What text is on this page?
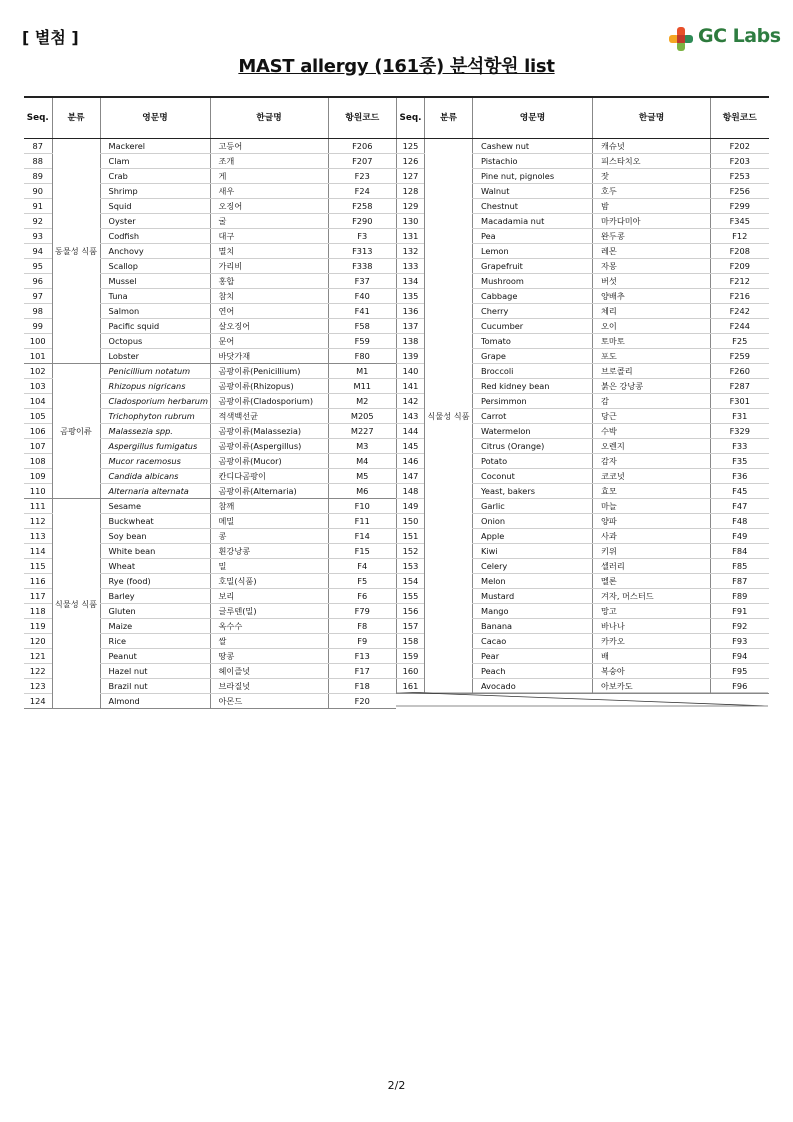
[ 별첨 ]	GC Labs
MAST allergy (161종) 분석항원 list
Seq.	분류	영문명	한글명	항원코드
87	동물성 식품	Mackerel	고등어	F206
88		Clam	조개	F207
89		Crab	게	F23
90		Shrimp	새우	F24
91		Squid	오징어	F258
92		Oyster	굴	F290
93		Codfish	대구	F3
94		Anchovy	멸치	F313
95		Scallop	가리비	F338
96		Mussel	홍합	F37
97		Tuna	참치	F40
98		Salmon	연어	F41
99		Pacific squid	살오징어	F58
100		Octopus	문어	F59
101		Lobster	바닷가재	F80
102	곰팡이류	Penicillium notatum	곰팡이류(Penicillium)	M1
103		Rhizopus nigricans	곰팡이류(Rhizopus)	M11
104		Cladosporium herbarum	곰팡이류(Cladosporium)	M2
105		Trichophyton rubrum	적색백선균	M205
106		Malassezia spp.	곰팡이류(Malassezia)	M227
107		Aspergillus fumigatus	곰팡이류(Aspergillus)	M3
108		Mucor racemosus	곰팡이류(Mucor)	M4
109		Candida albicans	칸디다곰팡이	M5
110		Alternaria alternata	곰팡이류(Alternaria)	M6
111	식물성 식품	Sesame	참깨	F10
112		Buckwheat	메밀	F11
113		Soy bean	콩	F14
114		White bean	흰강낭콩	F15
115		Wheat	밀	F4
116		Rye (food)	호밀(식품)	F5
117		Barley	보리	F6
118		Gluten	글루텐(밀)	F79
119		Maize	옥수수	F8
120		Rice	쌀	F9
121		Peanut	땅콩	F13
122		Hazel nut	헤이즐넛	F17
123		Brazil nut	브라질넛	F18
124		Almond	아몬드	F20
Seq.	분류	영문명	한글명	항원코드
125	식물성 식품	Cashew nut	캐슈넛	F202
126		Pistachio	피스타치오	F203
127		Pine nut, pignoles	잣	F253
128		Walnut	호두	F256
129		Chestnut	밤	F299
130		Macadamia nut	마카다미아	F345
131		Pea	완두콩	F12
132		Lemon	레몬	F208
133		Grapefruit	자몽	F209
134		Mushroom	버섯	F212
135		Cabbage	양배추	F216
136		Cherry	체리	F242
137		Cucumber	오이	F244
138		Tomato	토마토	F25
139		Grape	포도	F259
140		Broccoli	브로콜리	F260
141		Red kidney bean	붉은 강낭콩	F287
142		Persimmon	감	F301
143		Carrot	당근	F31
144		Watermelon	수박	F329
145		Citrus (Orange)	오렌지	F33
146		Potato	감자	F35
147		Coconut	코코넛	F36
148		Yeast, bakers	효모	F45
149		Garlic	마늘	F47
150		Onion	양파	F48
151		Apple	사과	F49
152		Kiwi	키위	F84
153		Celery	셀러리	F85
154		Melon	멜론	F87
155		Mustard	겨자, 머스터드	F89
156		Mango	망고	F91
157		Banana	바나나	F92
158		Cacao	카카오	F93
159		Pear	배	F94
160		Peach	복숭아	F95
161		Avocado	아보카도	F96
2/2
